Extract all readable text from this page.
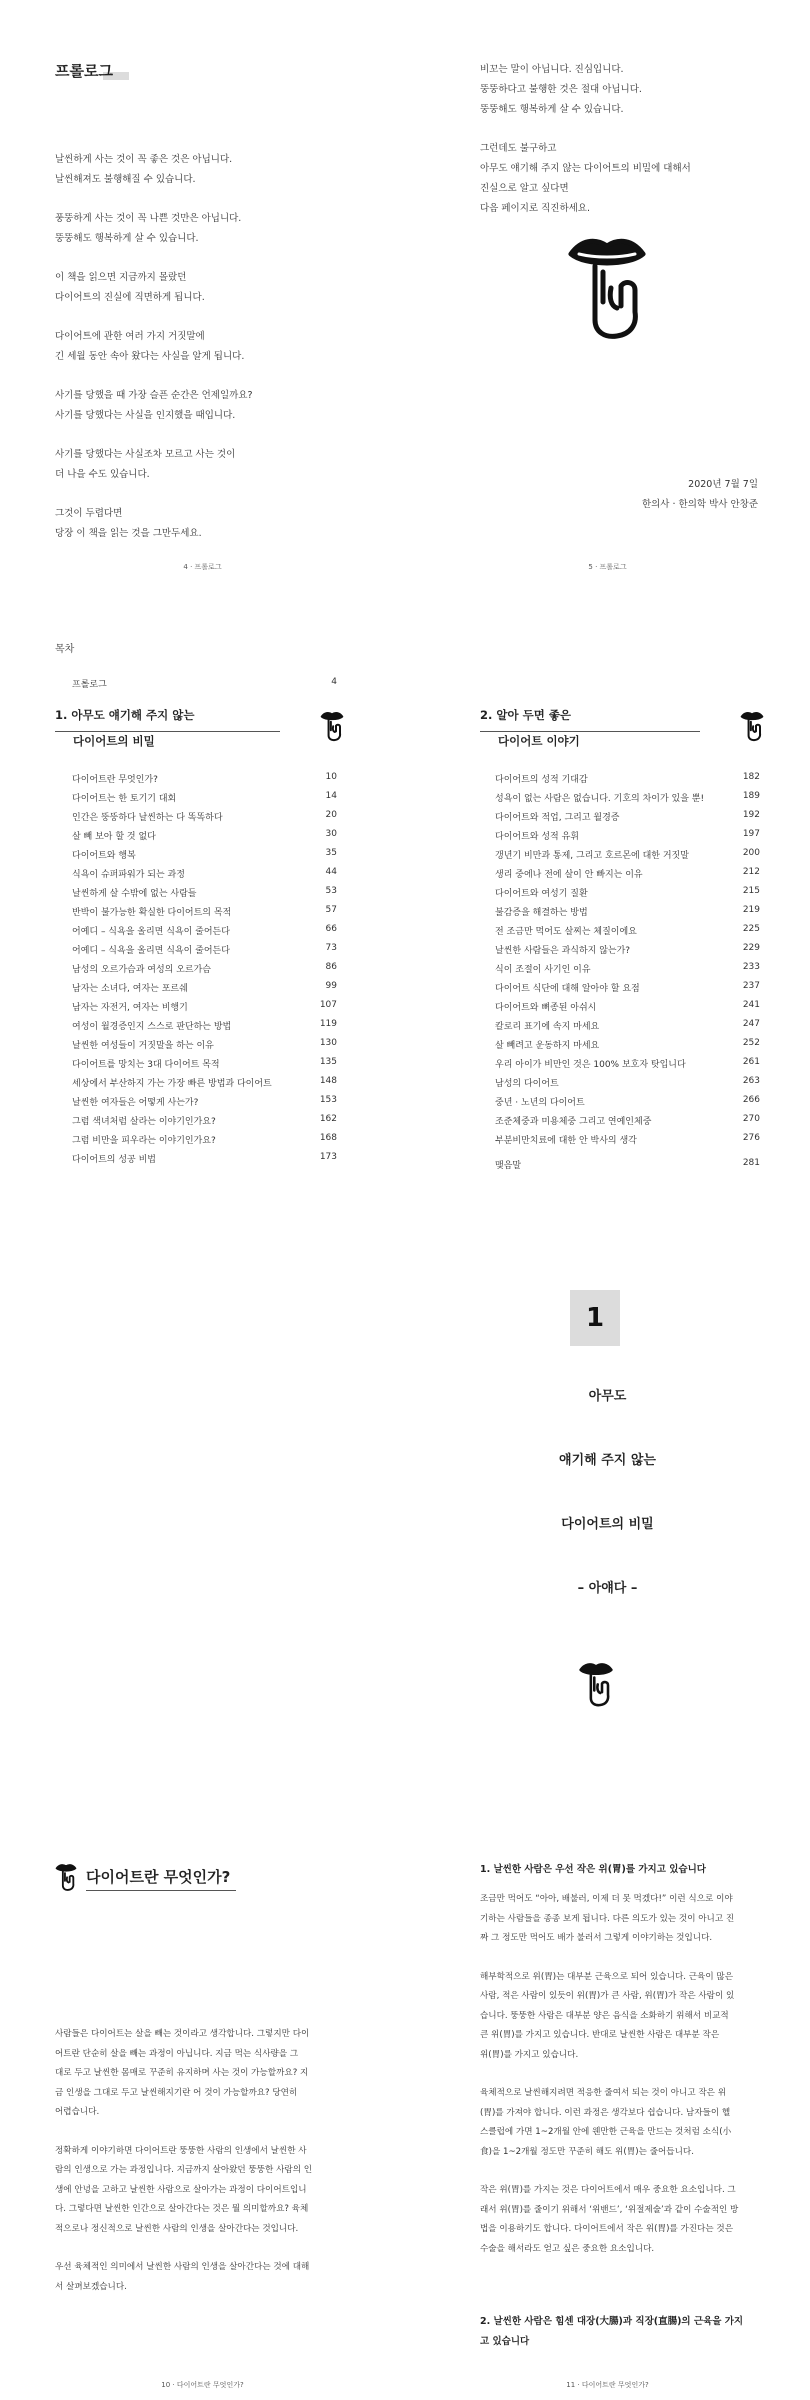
프롤로그
날씬하게 사는 것이 꼭 좋은 것은 아닙니다.
날씬해져도 불행해질 수 있습니다.
풍뚱하게 사는 것이 꼭 나쁜 것만은 아닙니다.
뚱뚱해도 행복하게 살 수 있습니다.
이 책을 읽으면 지금까지 몰랐던
다이어트의 진실에 직면하게 됩니다.
다이어트에 관한 여러 가지 거짓말에
긴 세월 동안 속아 왔다는 사실을 알게 됩니다.
사기를 당했을 때 가장 슬픈 순간은 언제일까요?
사기를 당했다는 사실을 인지했을 때입니다.
사기를 당했다는 사실조차 모르고 사는 것이
더 나을 수도 있습니다.
그것이 두렵다면
당장 이 책을 읽는 것을 그만두세요.
4 · 프롤로그
비꼬는 말이 아닙니다. 진심입니다.
뚱뚱하다고 불행한 것은 절대 아닙니다.
뚱뚱해도 행복하게 살 수 있습니다.
그런데도 불구하고
아무도 얘기해 주지 않는 다이어트의 비밀에 대해서
진실으로 알고 싶다면
다음 페이지로 직진하세요.
2020년 7월 7일
한의사 · 한의학 박사 안창준
5 · 프롤로그
목차
프롤로그	4
1. 아무도 얘기해 주지 않는
다이어트의 비밀
다이어트란 무엇인가?	10
다이어트는 한 토기기 대회	14
인간은 뚱뚱하다 날씬하는 다 똑똑하다	20
살 빼 보아 할 것 없다	30
다이어트와 행복	35
식욕이 슈퍼파워가 되는 과정	44
날씬하게 살 수밖에 없는 사람들	53
반박이 불가능한 확실한 다이어트의 목적	57
어예디 – 식욕을 올리면 식욕이 줄어든다	66
어예디 – 식욕을 올리면 식욕이 줄어든다	73
남성의 오르가슴과 여성의 오르가슴	86
남자는 소녀다, 여자는 포르쉐	99
남자는 자전거, 여자는 비행기	107
여성이 월경증인지 스스로 판단하는 방법	119
날씬한 여성들이 거짓말을 하는 이유	130
다이어트를 망치는 3대 다이어트 목적	135
세상에서 부산하지 가는 가장 빠른 방법과 다이어트	148
날씬한 여자들은 어떻게 사는가?	153
그럼 색녀처럼 살라는 이야기인가요?	162
그럼 비만을 피우라는 이야기인가요?	168
다이어트의 성공 비법	173
2. 알아 두면 좋은
다이어트 이야기
다이어트의 성적 기대감	182
성욕이 없는 사람은 없습니다. 기호의 차이가 있을 뿐!	189
다이어트와 적업, 그리고 월경증	192
다이어트와 성적 유휘	197
갱년기 비만과 통제, 그리고 호르몬에 대한 거짓말	200
생리 중에나 전에 살이 안 빠지는 이유	212
다이어트와 여성기 질환	215
불감증을 해결하는 방법	219
전 조금만 먹어도 살찌는 체질이에요	225
날씬한 사람들은 과식하지 않는가?	229
식이 조절이 사기인 이유	233
다이어트 식단에 대해 알아야 할 요점	237
다이어트와 뼈종된 아쉬시	241
칼로리 표기에 속지 마세요	247
살 빼려고 운동하지 마세요	252
우리 아이가 비만인 것은 100% 보호자 탓입니다	261
남성의 다이어트	263
중년 · 노년의 다이어트	266
조준체중과 미용체중 그리고 연예인체중	270
부분비만치료에 대한 안 박사의 생각	276
맺음말	281
1
아무도
얘기해 주지 않는
다이어트의 비밀
– 아얘다 –
다이어트란 무엇인가?
사람들은 다이어트는 살을 빼는 것이라고 생각합니다. 그렇지만 다이
어트란 단순히 살을 빼는 과정이 아닙니다. 지금 먹는 식사량을 그
대로 두고 날씬한 몸매로 꾸준히 유지하며 사는 것이 가능할까요? 지
금 인생을 그대로 두고 날씬해지기란 어 것이 가능할까요? 당연히
어렵습니다.
정확하게 이야기하면 다이어트란 뚱뚱한 사람의 인생에서 날씬한 사
람의 인생으로 가는 과정입니다. 지금까지 살아왔던 뚱뚱한 사람의 인
생에 안녕을 고하고 날씬한 사람으로 살아가는 과정이 다이어트입니
다. 그렇다면 날씬한 인간으로 살아간다는 것은 뭘 의미할까요? 육체
적으로나 정신적으로 날씬한 사람의 인생을 살아간다는 것입니다.
우선 육체적인 의미에서 날씬한 사람의 인생을 살아간다는 것에 대해
서 살펴보겠습니다.
10 · 다이어트란 무엇인가?
1. 날씬한 사람은 우선 작은 위(胃)를 가지고 있습니다
조금만 먹어도 “아아, 배불러, 이제 더 못 먹겠다!” 이런 식으로 이야
기하는 사람들을 종종 보게 됩니다. 다른 의도가 있는 것이 아니고 진
짜 그 정도만 먹어도 배가 불러서 그렇게 이야기하는 것입니다.
해부학적으로 위(胃)는 대부분 근육으로 되어 있습니다. 근육이 많은
사람, 적은 사람이 있듯이 위(胃)가 큰 사람, 위(胃)가 작은 사람이 있
습니다. 뚱뚱한 사람은 대부분 양은 음식을 소화하기 위해서 비교적
큰 위(胃)를 가지고 있습니다. 반대로 날씬한 사람은 대부분 작은
위(胃)를 가지고 있습니다.
육체적으로 날씬해지려면 적응한 줄여서 되는 것이 아니고 작은 위
(胃)를 가져야 합니다. 이런 과정은 생각보다 쉽습니다. 남자들이 헬
스클럽에 가면 1~2개월 안에 웬만한 근육을 만드는 것처럼 소식(小
食)을 1~2개월 정도만 꾸준히 해도 위(胃)는 줄어듭니다.
작은 위(胃)를 가지는 것은 다이어트에서 매우 중요한 요소입니다. 그
래서 위(胃)를 줄이기 위해서 ‘위밴드’, ‘위절제술’과 같이 수술적인 방
법을 이용하기도 합니다. 다이어트에서 작은 위(胃)를 가진다는 것은
수술을 해서라도 얻고 싶은 중요한 요소입니다.
2. 날씬한 사람은 힘센 대장(大腸)과 직장(直腸)의 근육을 가지
고 있습니다
11 · 다이어트란 무엇인가?
